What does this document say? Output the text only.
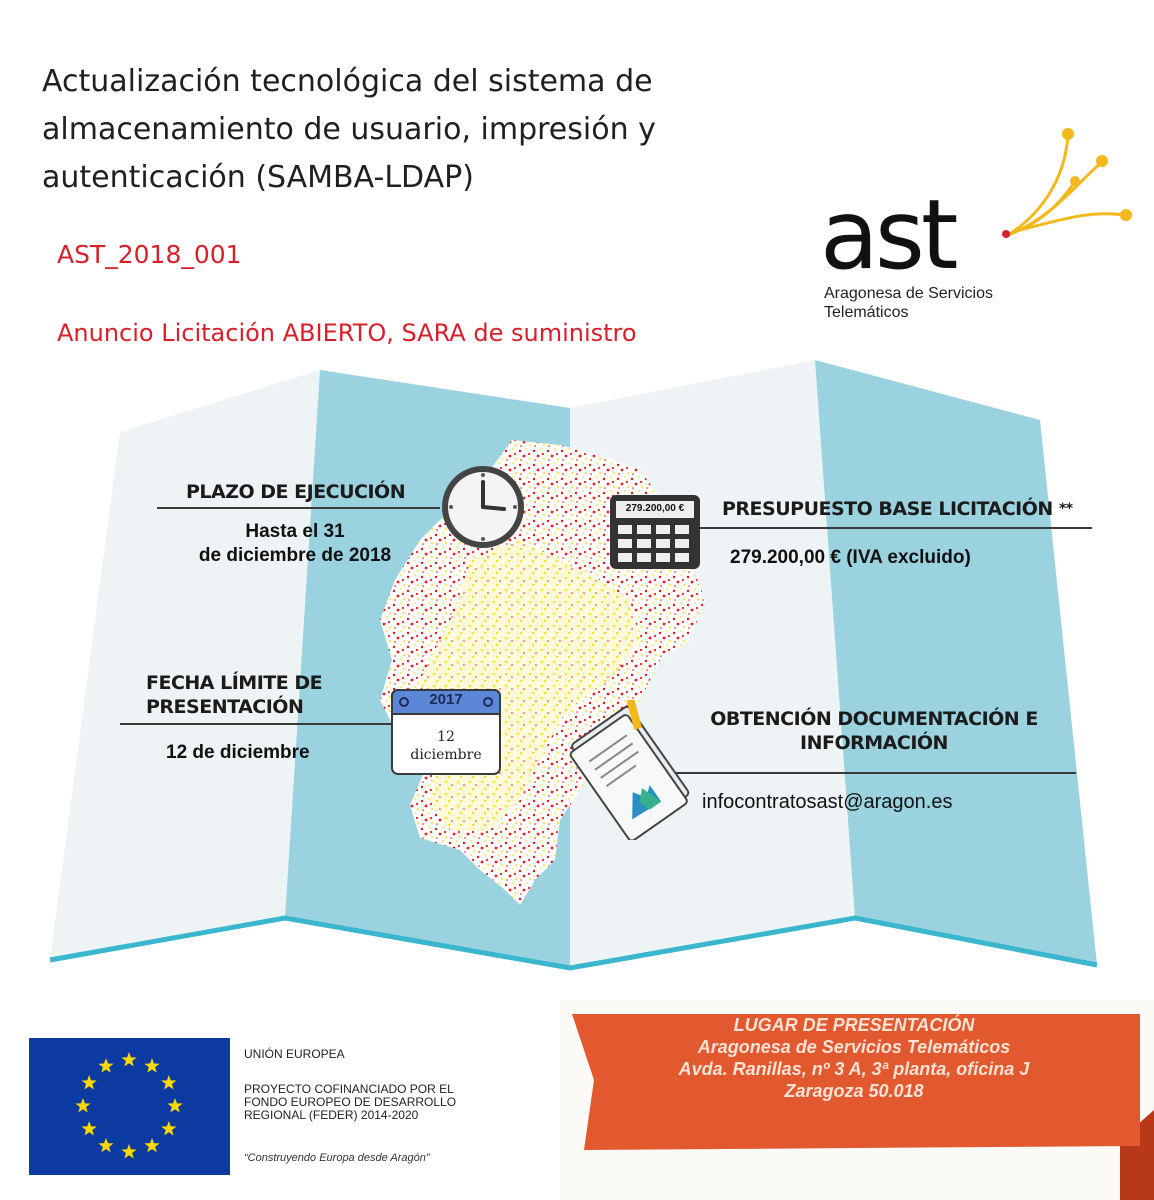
Actualización tecnológica del sistema de almacenamiento de usuario, impresión y autenticación (SAMBA-LDAP)
AST_2018_001
Anuncio Licitación ABIERTO, SARA de suministro
ast
Aragonesa de Servicios
Telemáticos
PLAZO DE EJECUCIÓN
Hasta el 31
de diciembre de 2018
279.200,00 €	PRESUPUESTO BASE LICITACIÓN **
279.200,00 € (IVA excluido)
FECHA LÍMITE DE
PRESENTACIÓN
12 de diciembre
2017
12
diciembre
OBTENCIÓN DOCUMENTACIÓN E
INFORMACIÓN
infocontratosast@aragon.es
UNIÓN EUROPEA
PROYECTO COFINANCIADO POR EL
FONDO EUROPEO DE DESARROLLO
REGIONAL (FEDER) 2014-2020
“Construyendo Europa desde Aragón”
LUGAR DE PRESENTACIÓN
Aragonesa de Servicios Telemáticos
Avda. Ranillas, nº 3 A, 3ª planta, oficina J
Zaragoza 50.018
